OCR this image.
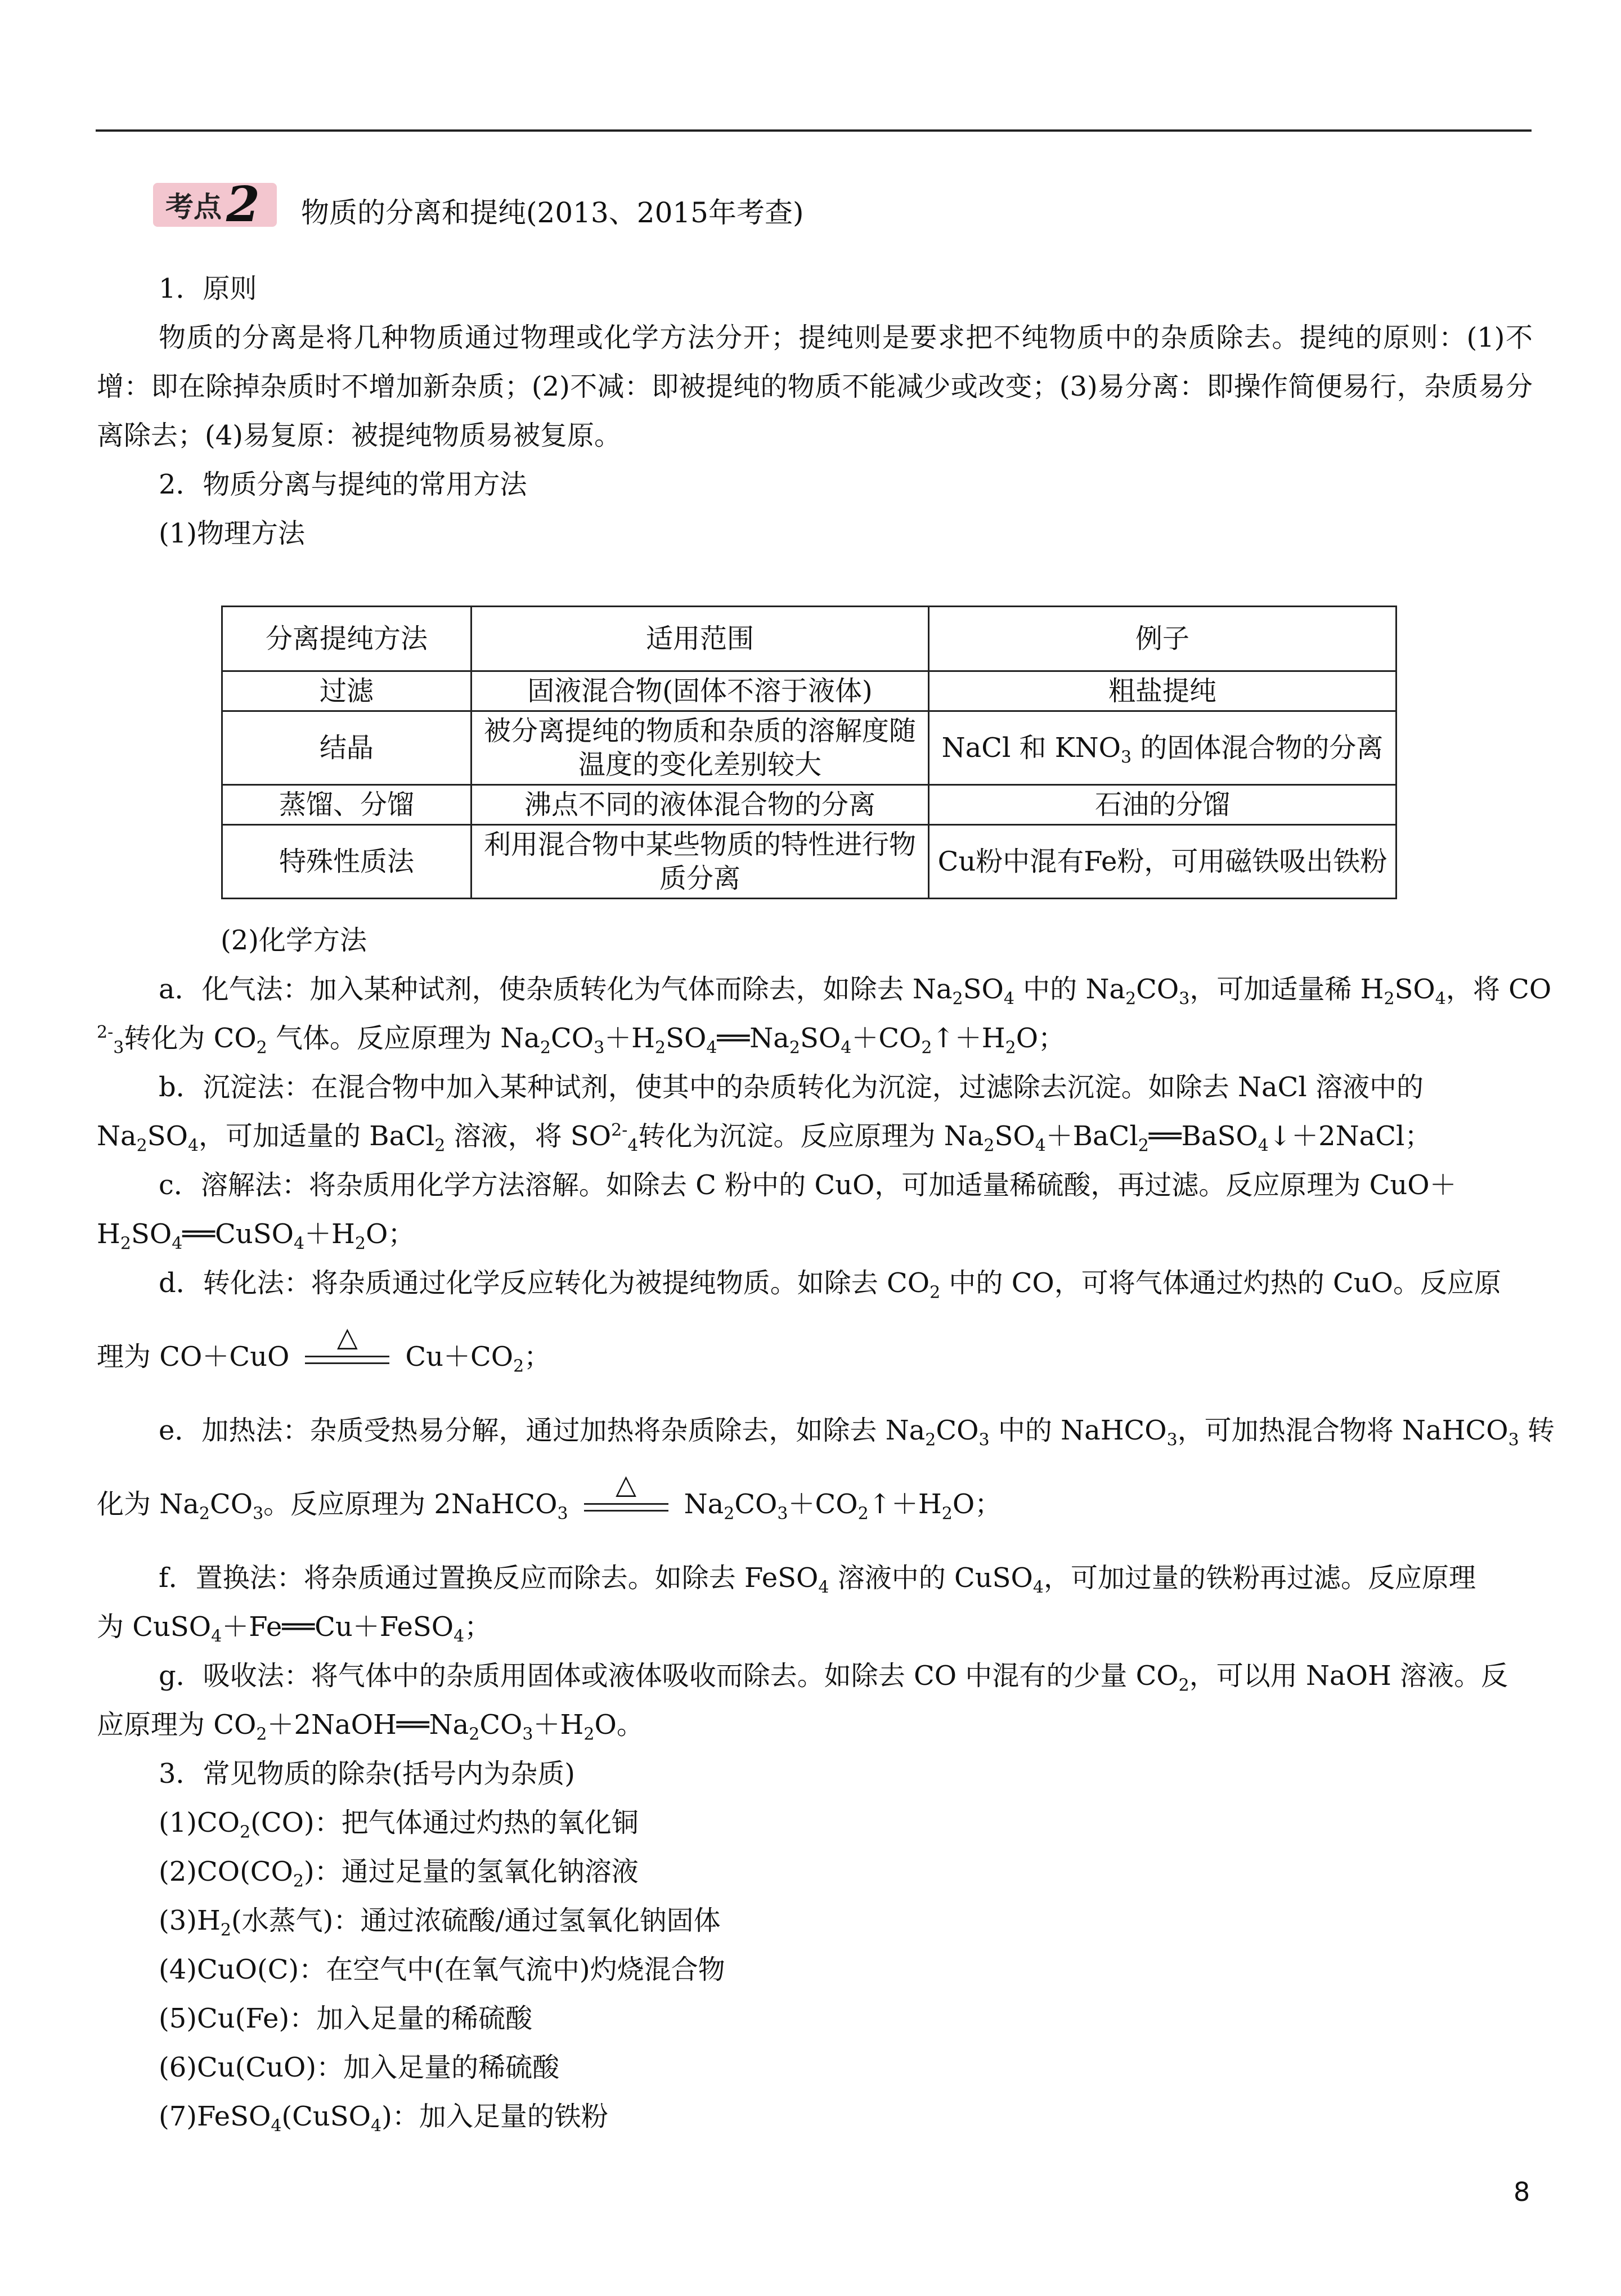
考点 2 物质的分离和提纯(2013、2015年考查)

1．原则

物质的分离是将几种物质通过物理或化学方法分开；提纯则是要求把不纯物质中的杂质除去。提纯的原则：(1)不增：即在除掉杂质时不增加新杂质；(2)不减：即被提纯的物质不能减少或改变；(3)易分离：即操作简便易行，杂质易分离除去；(4)易复原：被提纯物质易被复原。

2．物质分离与提纯的常用方法

(1)物理方法

分离提纯方法	适用范围	例子
过滤	固液混合物(固体不溶于液体)	粗盐提纯
结晶	被分离提纯的物质和杂质的溶解度随温度的变化差别较大	NaCl 和 $KNO_3$ 的固体混合物的分离
蒸馏、分馏	沸点不同的液体混合物的分离	石油的分馏
特殊性质法	利用混合物中某些物质的特性进行物质分离	Cu粉中混有Fe粉，可用磁铁吸出铁粉

(2)化学方法

a．化气法：加入某种试剂，使杂质转化为气体而除去，如除去 $Na_2SO_4$ 中的 $Na_2CO_3$，可加适量稀 $H_2SO_4$，将 CO

$^{2-}_3$转化为 $CO_2$ 气体。反应原理为 $Na_2CO_3+H_2SO_4══Na_2SO_4+CO_2↑+H_2O$；

b．沉淀法：在混合物中加入某种试剂，使其中的杂质转化为沉淀，过滤除去沉淀。如除去 NaCl 溶液中的

$Na_2SO_4$，可加适量的 BaCl$_2$ 溶液，将 $SO^{2-}_4$转化为沉淀。反应原理为 $Na_2SO_4+BaCl_2══BaSO_4↓+2NaCl$；

c．溶解法：将杂质用化学方法溶解。如除去 C 粉中的 CuO，可加适量稀硫酸，再过滤。反应原理为 CuO＋

$H_2SO_4══CuSO_4+H_2O$；

d．转化法：将杂质通过化学反应转化为被提纯物质。如除去 $CO_2$ 中的 CO，可将气体通过灼热的 CuO。反应原

理为 CO＋CuO
△
$Cu+CO_2$；

e．加热法：杂质受热易分解，通过加热将杂质除去，如除去 $Na_2CO_3$ 中的 NaHCO$_3$，可加热混合物将 NaHCO$_3$ 转

化为 $Na_2CO_3$。反应原理为 2NaHCO$_3$
△
$Na_2CO_3+CO_2↑+H_2O$；

f．置换法：将杂质通过置换反应而除去。如除去 FeSO$_4$ 溶液中的 CuSO$_4$，可加过量的铁粉再过滤。反应原理

为 CuSO$_4$＋Fe══Cu＋FeSO$_4$；

g．吸收法：将气体中的杂质用固体或液体吸收而除去。如除去 CO 中混有的少量 $CO_2$，可以用 NaOH 溶液。反

应原理为 $CO_2+2NaOH══Na_2CO_3+H_2O$。

3．常见物质的除杂(括号内为杂质)

$(1)CO_2(CO)$：把气体通过灼热的氧化铜

$(2)CO(CO_2)$：通过足量的氢氧化钠溶液

$(3)H_2$(水蒸气)：通过浓硫酸/通过氢氧化钠固体

(4)CuO(C)：在空气中(在氧气流中)灼烧混合物

(5)Cu(Fe)：加入足量的稀硫酸

(6)Cu(CuO)：加入足量的稀硫酸

(7)FeSO$_4$(CuSO$_4$)：加入足量的铁粉

8
